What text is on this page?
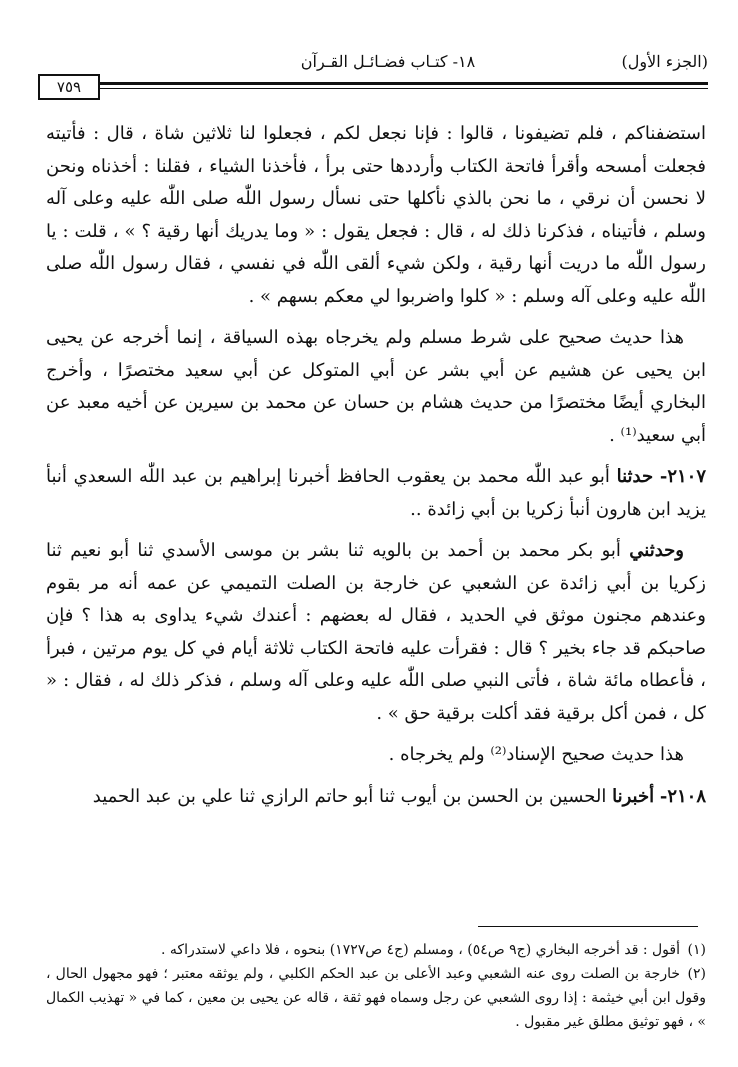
٧٥٩
١٨- كتـاب فضـائـل القـرآن	(الجزء الأول)

استضفناكم ، فلم تضيفونا ، قالوا : فإنا نجعل لكم ، فجعلوا لنا ثلاثين شاة ، قال : فأتيته فجعلت أمسحه وأقرأ فاتحة الكتاب وأرددها حتى برأ ، فأخذنا الشياء ، فقلنا : أخذناه ونحن لا نحسن أن نرقي ، ما نحن بالذي نأكلها حتى نسأل رسول اللّٰه صلى اللّٰه عليه وعلى آله وسلم ، فأتيناه ، فذكرنا ذلك له ، قال : فجعل يقول : « وما يدريك أنها رقية ؟ » ، قلت : يا رسول اللّٰه ما دريت أنها رقية ، ولكن شيء ألقى اللّٰه في نفسي ، فقال رسول اللّٰه صلى اللّٰه عليه وعلى آله وسلم : « كلوا واضربوا لي معكم بسهم » .

هذا حديث صحيح على شرط مسلم ولم يخرجاه بهذه السياقة ، إنما أخرجه عن يحيى ابن يحيى عن هشيم عن أبي بشر عن أبي المتوكل عن أبي سعيد مختصرًا ، وأخرج البخاري أيضًا مختصرًا من حديث هشام بن حسان عن محمد بن سيرين عن أخيه معبد عن أبي سعيد⁽¹⁾ .

٢١٠٧- حدثنا أبو عبد اللّٰه محمد بن يعقوب الحافظ أخبرنا إبراهيم بن عبد اللّٰه السعدي أنبأ يزيد ابن هارون أنبأ زكريا بن أبي زائدة ..

وحدثني أبو بكر محمد بن أحمد بن بالويه ثنا بشر بن موسى الأسدي ثنا أبو نعيم ثنا زكريا بن أبي زائدة عن الشعبي عن خارجة بن الصلت التميمي عن عمه أنه مر بقوم وعندهم مجنون موثق في الحديد ، فقال له بعضهم : أعندك شيء يداوى به هذا ؟ فإن صاحبكم قد جاء بخير ؟ قال : فقرأت عليه فاتحة الكتاب ثلاثة أيام في كل يوم مرتين ، فبرأ ، فأعطاه مائة شاة ، فأتى النبي صلى اللّٰه عليه وعلى آله وسلم ، فذكر ذلك له ، فقال : « كل ، فمن أكل برقية فقد أكلت برقية حق » .

هذا حديث صحيح الإسناد⁽²⁾ ولم يخرجاه .

٢١٠٨- أخبرنا الحسين بن الحسن بن أيوب ثنا أبو حاتم الرازي ثنا علي بن عبد الحميد

(١)أقول : قد أخرجه البخاري (ج٩ ص٥٤) ، ومسلم (ج٤ ص١٧٢٧) بنحوه ، فلا داعي لاستدراكه .

(٢)خارجة بن الصلت روى عنه الشعبي وعبد الأعلى بن عبد الحكم الكلبي ، ولم يوثقه معتبر ؛ فهو مجهول الحال ، وقول ابن أبي خيثمة : إذا روى الشعبي عن رجل وسماه فهو ثقة ، قاله عن يحيى بن معين ، كما في « تهذيب الكمال » ، فهو توثيق مطلق غير مقبول .
